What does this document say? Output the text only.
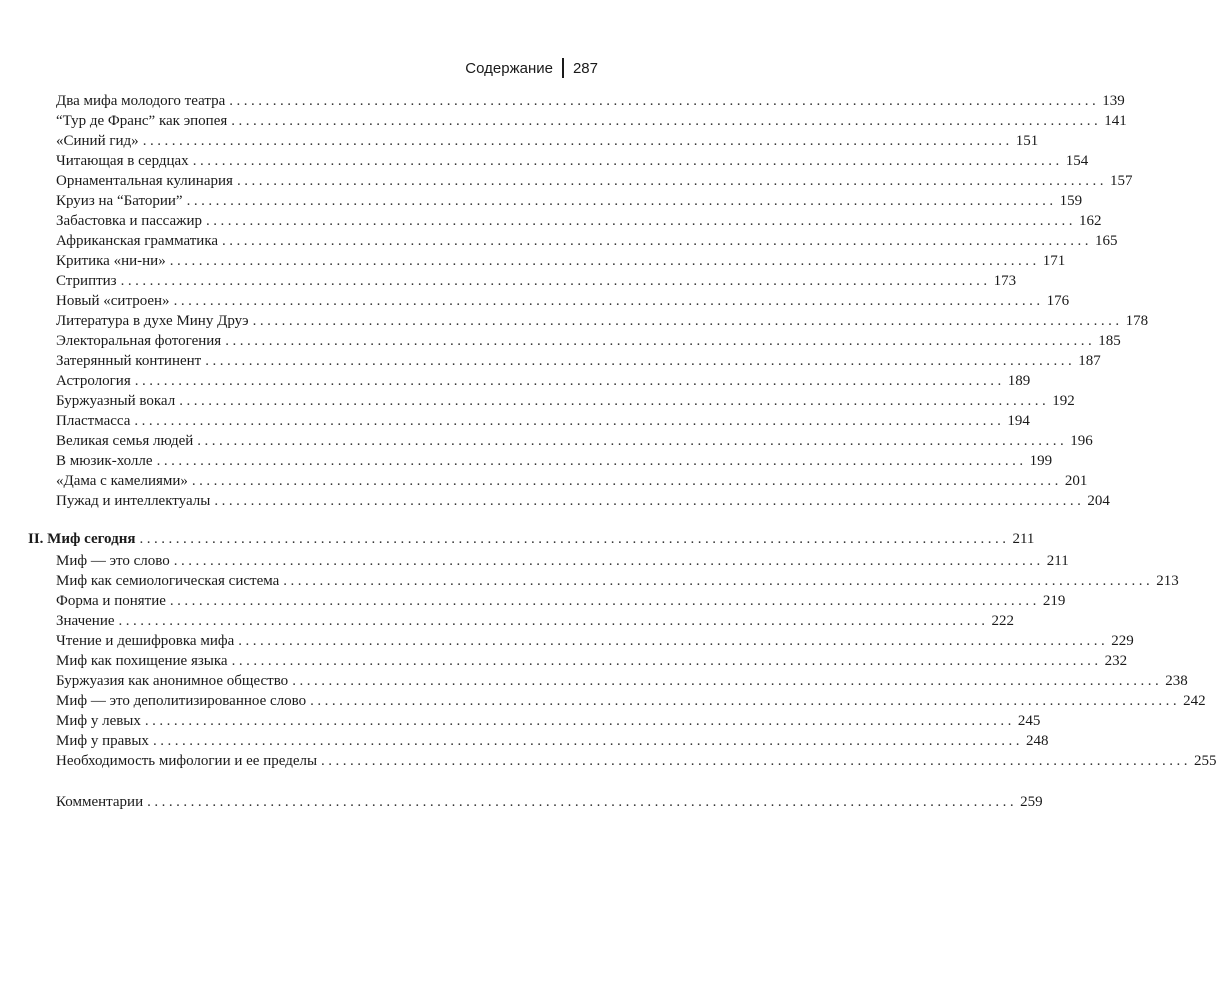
Содержание 287
Два мифа молодого театра ........................................................................................................................ 139
“Тур де Франс” как эпопея ........................................................................................................................ 141
«Синий гид» ........................................................................................................................ 151
Читающая в сердцах ........................................................................................................................ 154
Орнаментальная кулинария ........................................................................................................................ 157
Круиз на “Батории” ........................................................................................................................ 159
Забастовка и пассажир ........................................................................................................................ 162
Африканская грамматика ........................................................................................................................ 165
Критика «ни-ни» ........................................................................................................................ 171
Стриптиз ........................................................................................................................ 173
Новый «ситроен» ........................................................................................................................ 176
Литература в духе Мину Друэ ........................................................................................................................ 178
Электоральная фотогения ........................................................................................................................ 185
Затерянный континент ........................................................................................................................ 187
Астрология ........................................................................................................................ 189
Буржуазный вокал ........................................................................................................................ 192
Пластмасса ........................................................................................................................ 194
Великая семья людей ........................................................................................................................ 196
В мюзик-холле ........................................................................................................................ 199
«Дама с камелиями» ........................................................................................................................ 201
Пужад и интеллектуалы ........................................................................................................................ 204
II. Миф сегодня ........................................................................................................................ 211
Миф — это слово ........................................................................................................................ 211
Миф как семиологическая система ........................................................................................................................ 213
Форма и понятие ........................................................................................................................ 219
Значение ........................................................................................................................ 222
Чтение и дешифровка мифа ........................................................................................................................ 229
Миф как похищение языка ........................................................................................................................ 232
Буржуазия как анонимное общество ........................................................................................................................ 238
Миф — это деполитизированное слово ........................................................................................................................ 242
Миф у левых ........................................................................................................................ 245
Миф у правых ........................................................................................................................ 248
Необходимость мифологии и ее пределы ........................................................................................................................ 255
Комментарии ........................................................................................................................ 259
